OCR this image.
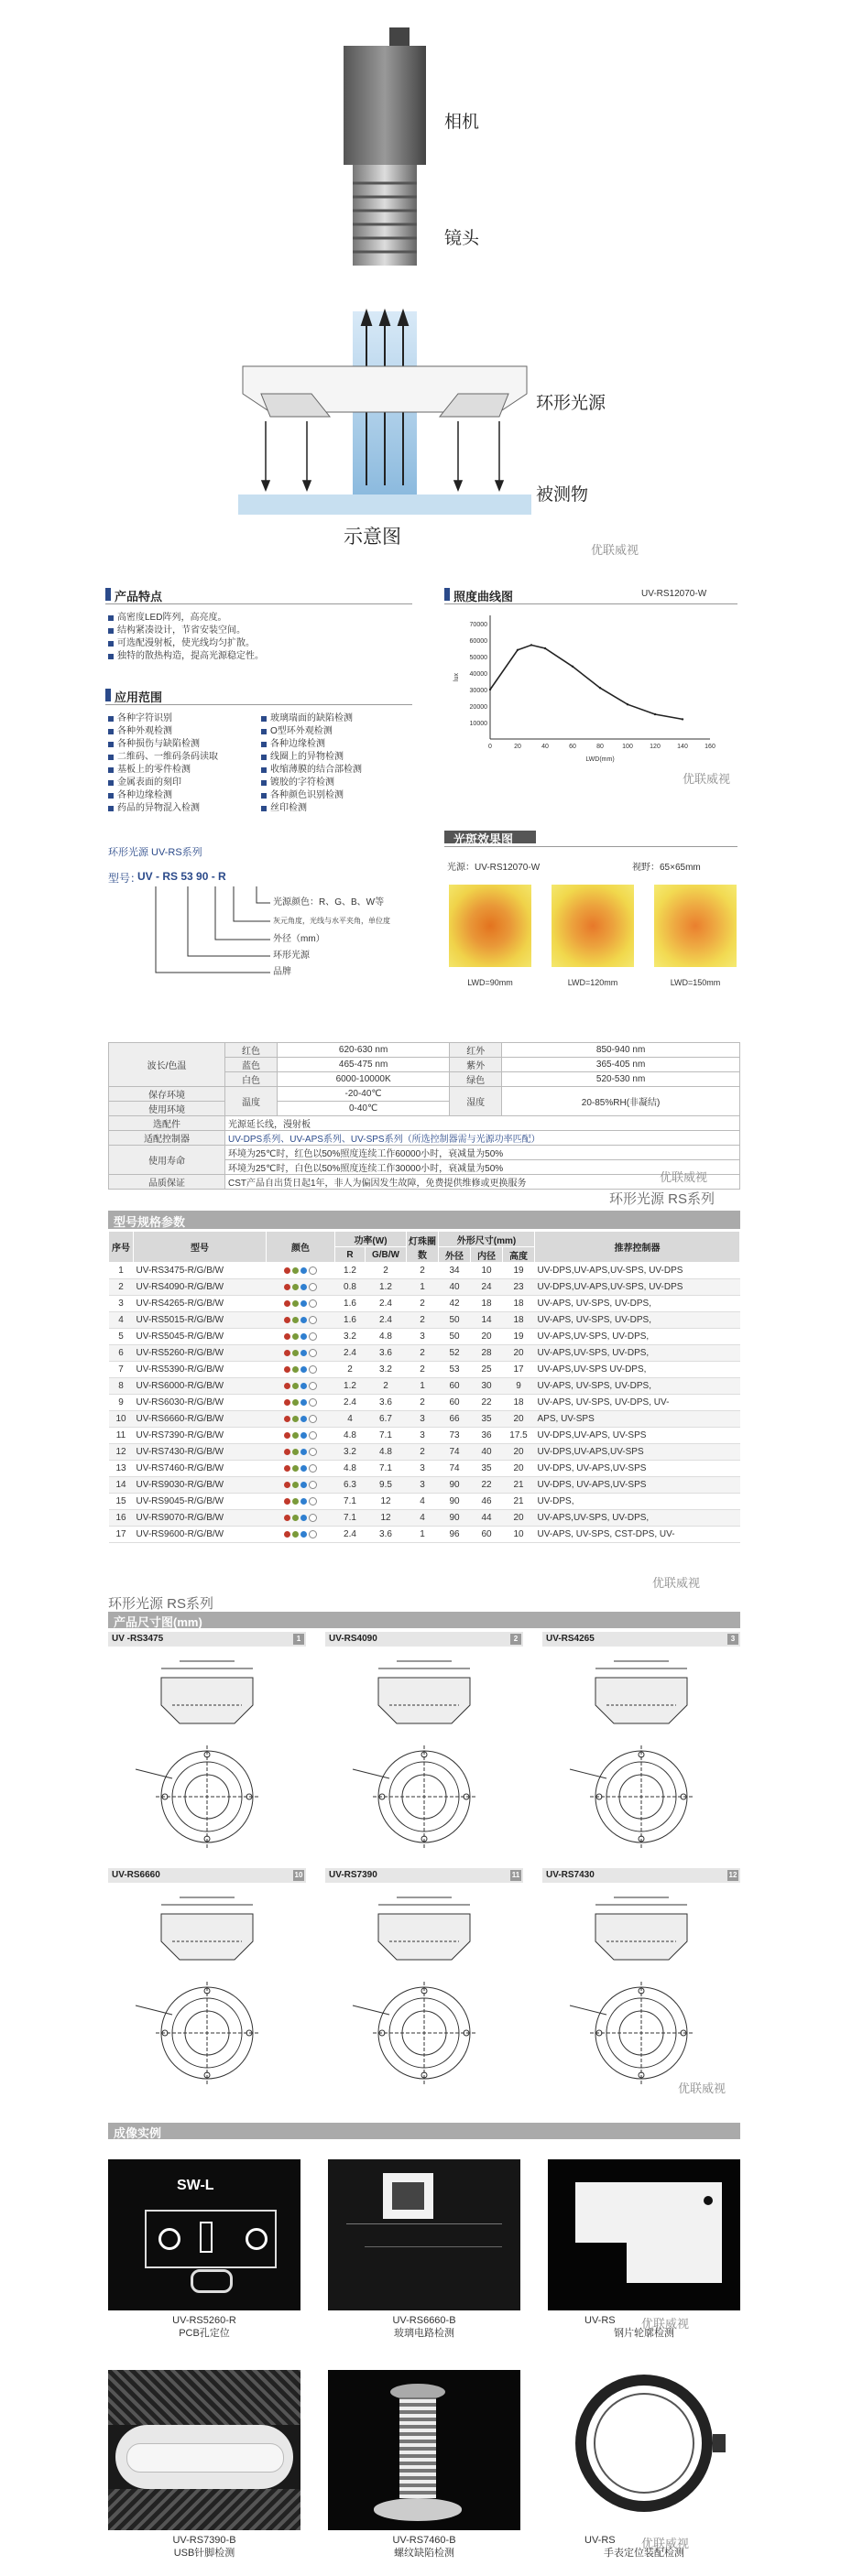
相机
镜头
环形光源
被测物
示意图
优联威视
产品特点
高密度LED阵列，高亮度。
结构紧凑设计，节省安装空间。
可选配漫射板，使光线均匀扩散。
独特的散热构造，提高光源稳定性。
应用范围
各种字符识别
各种外观检测
各种损伤与缺陷检测
二维码、一维码条码读取
基板上的零件检测
金属表面的刻印
各种边缘检测
药品的异物混入检测
玻璃瑞面的缺陷检测
O型环外观检测
各种边缘检测
线圈上的异物检测
收缩薄膜的结合部检测
镀胶的字符检测
各种颜色识别检测
丝印检测
照度曲线图	UV-RS12070-W
10000
20000
30000
40000
50000
60000
70000
0	20	40	60	80	100	120	140	160
LWD(mm)
lux
优联威视
环形光源 UV-RS系列
型号：
UV - RS 53 90 - R
光源颜色：R、G、B、W等
灰元角度，光线与水平夹角，单位度
外径（mm）
环形光源
品牌
光斑效果图
光源：UV-RS12070-W	视野：65×65mm
LWD=90mm	LWD=120mm	LWD=150mm
波长/色温	红色	620-630 nm	红外	850-940 nm
	蓝色	465-475 nm	紫外	365-405 nm
	白色	6000-10000K	绿色	520-530 nm
保存环境	温度	-20-40℃	湿度	20-85%RH(非凝结)
使用环境		0-40℃		
选配件	光源延长线，漫射板			
适配控制器	UV-DPS系列、UV-APS系列、UV-SPS系列（所选控制器需与光源功率匹配）			
使用寿命	环境为25℃时，红色以50%照度连续工作60000小时，衰减量为50%			
	环境为25℃时，白色以50%照度连续工作30000小时，衰减量为50%			
品质保证	CST产品自出货日起1年，非人为偏因发生故障，免费提供维修或更换服务				优联威视
环形光源 RS系列
型号规格参数
序号	型号	颜色	功率(W)		灯珠圈数	外形尺寸(mm)			推荐控制器
			R	G/B/W		外径	内径	高度	
1	UV-RS3475-R/G/B/W		1.2	2	2	34	10	19	UV-DPS,UV-APS,UV-SPS, UV-DPS
2	UV-RS4090-R/G/B/W		0.8	1.2	1	40	24	23	UV-DPS,UV-APS,UV-SPS, UV-DPS
3	UV-RS4265-R/G/B/W		1.6	2.4	2	42	18	18	UV-APS, UV-SPS, UV-DPS,
4	UV-RS5015-R/G/B/W		1.6	2.4	2	50	14	18	UV-APS, UV-SPS, UV-DPS,
5	UV-RS5045-R/G/B/W		3.2	4.8	3	50	20	19	UV-APS,UV-SPS, UV-DPS,
6	UV-RS5260-R/G/B/W		2.4	3.6	2	52	28	20	UV-APS,UV-SPS, UV-DPS,
7	UV-RS5390-R/G/B/W		2	3.2	2	53	25	17	UV-APS,UV-SPS UV-DPS,
8	UV-RS6000-R/G/B/W		1.2	2	1	60	30	9	UV-APS, UV-SPS, UV-DPS,
9	UV-RS6030-R/G/B/W		2.4	3.6	2	60	22	18	UV-APS, UV-SPS, UV-DPS, UV-
10	UV-RS6660-R/G/B/W		4	6.7	3	66	35	20	APS, UV-SPS
11	UV-RS7390-R/G/B/W		4.8	7.1	3	73	36	17.5	UV-DPS,UV-APS, UV-SPS
12	UV-RS7430-R/G/B/W		3.2	4.8	2	74	40	20	UV-DPS,UV-APS,UV-SPS
13	UV-RS7460-R/G/B/W		4.8	7.1	3	74	35	20	UV-DPS, UV-APS,UV-SPS
14	UV-RS9030-R/G/B/W		6.3	9.5	3	90	22	21	UV-DPS, UV-APS,UV-SPS
15	UV-RS9045-R/G/B/W		7.1	12	4	90	46	21	UV-DPS,
16	UV-RS9070-R/G/B/W		7.1	12	4	90	44	20	UV-APS,UV-SPS, UV-DPS,
17	UV-RS9600-R/G/B/W		2.4	3.6	1	96	60	10	UV-APS, UV-SPS, CST-DPS, UV-
优联威视
环形光源 RS系列
产品尺寸图(mm)
UV -RS3475	1	UV-RS4090	2	UV-RS4265	3
UV-RS6660	10	UV-RS7390	11	UV-RS7430	12
优联威视
成像实例
SW-L
UV-RS5260-R
PCB孔定位
UV-RS6660-B
玻璃电路检测
UV-RS
钢片轮廓检测
优联威视
UV-RS7390-B
USB针脚检测
UV-RS7460-B
螺纹缺陷检测
UV-RS
手表定位装配检测
优联威视
